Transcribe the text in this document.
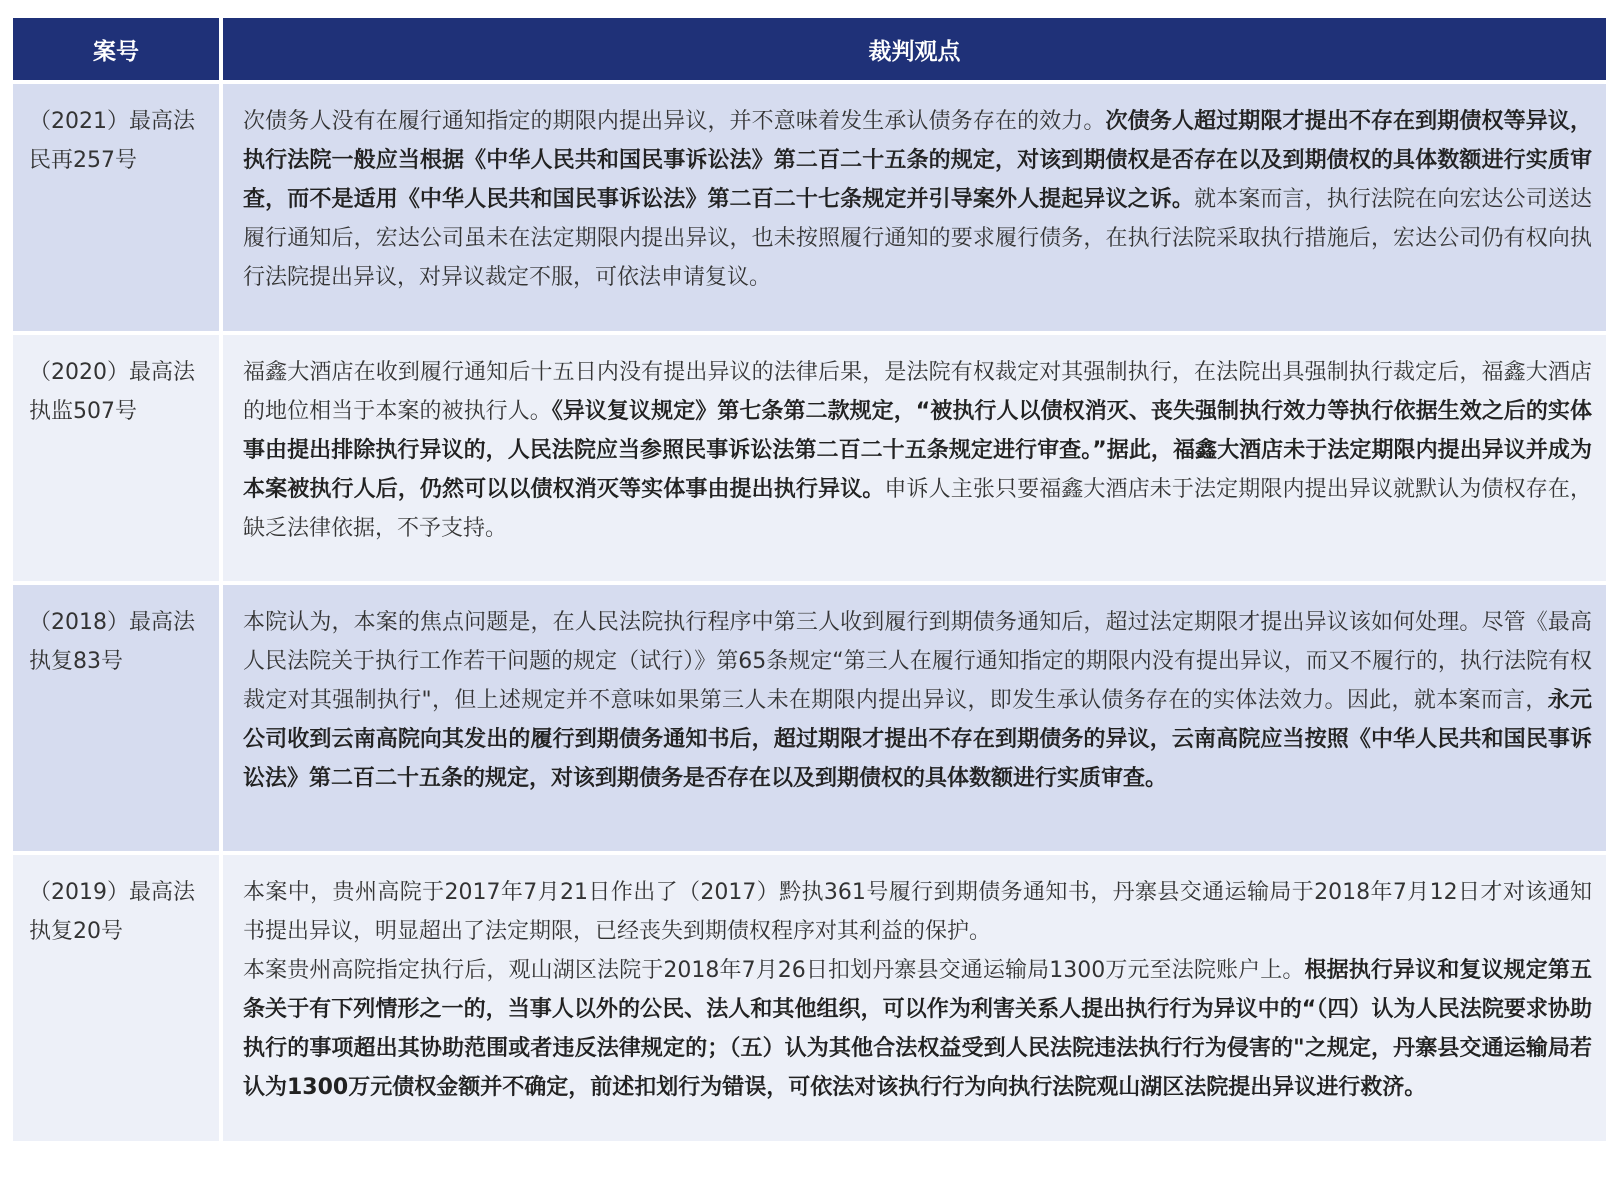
案号	裁判观点
（2021）最高法民再257号	次债务人没有在履行通知指定的期限内提出异议，并不意味着发生承认债务存在的效力。次债务人超过期限才提出不存在到期债权等异议，执行法院一般应当根据《中华人民共和国民事诉讼法》第二百二十五条的规定，对该到期债权是否存在以及到期债权的具体数额进行实质审查，而不是适用《中华人民共和国民事诉讼法》第二百二十七条规定并引导案外人提起异议之诉。就本案而言，执行法院在向宏达公司送达履行通知后，宏达公司虽未在法定期限内提出异议，也未按照履行通知的要求履行债务，在执行法院采取执行措施后，宏达公司仍有权向执行法院提出异议，对异议裁定不服，可依法申请复议。

（2020）最高法执监507号	福鑫大酒店在收到履行通知后十五日内没有提出异议的法律后果，是法院有权裁定对其强制执行，在法院出具强制执行裁定后，福鑫大酒店的地位相当于本案的被执行人。《异议复议规定》第七条第二款规定，“被执行人以债权消灭、丧失强制执行效力等执行依据生效之后的实体事由提出排除执行异议的，人民法院应当参照民事诉讼法第二百二十五条规定进行审查。”据此，福鑫大酒店未于法定期限内提出异议并成为本案被执行人后，仍然可以以债权消灭等实体事由提出执行异议。申诉人主张只要福鑫大酒店未于法定期限内提出异议就默认为债权存在，缺乏法律依据，不予支持。

（2018）最高法执复83号	本院认为，本案的焦点问题是，在人民法院执行程序中第三人收到履行到期债务通知后，超过法定期限才提出异议该如何处理。尽管《最高人民法院关于执行工作若干问题的规定（试行）》第65条规定“第三人在履行通知指定的期限内没有提出异议，而又不履行的，执行法院有权裁定对其强制执行"，但上述规定并不意味如果第三人未在期限内提出异议，即发生承认债务存在的实体法效力。因此，就本案而言，永元公司收到云南高院向其发出的履行到期债务通知书后，超过期限才提出不存在到期债务的异议，云南高院应当按照《中华人民共和国民事诉讼法》第二百二十五条的规定，对该到期债务是否存在以及到期债权的具体数额进行实质审查。

（2019）最高法执复20号	本案中，贵州高院于2017年7月21日作出了（2017）黔执361号履行到期债务通知书，丹寨县交通运输局于2018年7月12日才对该通知书提出异议，明显超出了法定期限，已经丧失到期债权程序对其利益的保护。

本案贵州高院指定执行后，观山湖区法院于2018年7月26日扣划丹寨县交通运输局1300万元至法院账户上。根据执行异议和复议规定第五条关于有下列情形之一的，当事人以外的公民、法人和其他组织，可以作为利害关系人提出执行行为异议中的“（四）认为人民法院要求协助执行的事项超出其协助范围或者违反法律规定的；（五）认为其他合法权益受到人民法院违法执行行为侵害的"之规定，丹寨县交通运输局若认为1300万元债权金额并不确定，前述扣划行为错误，可依法对该执行行为向执行法院观山湖区法院提出异议进行救济。
